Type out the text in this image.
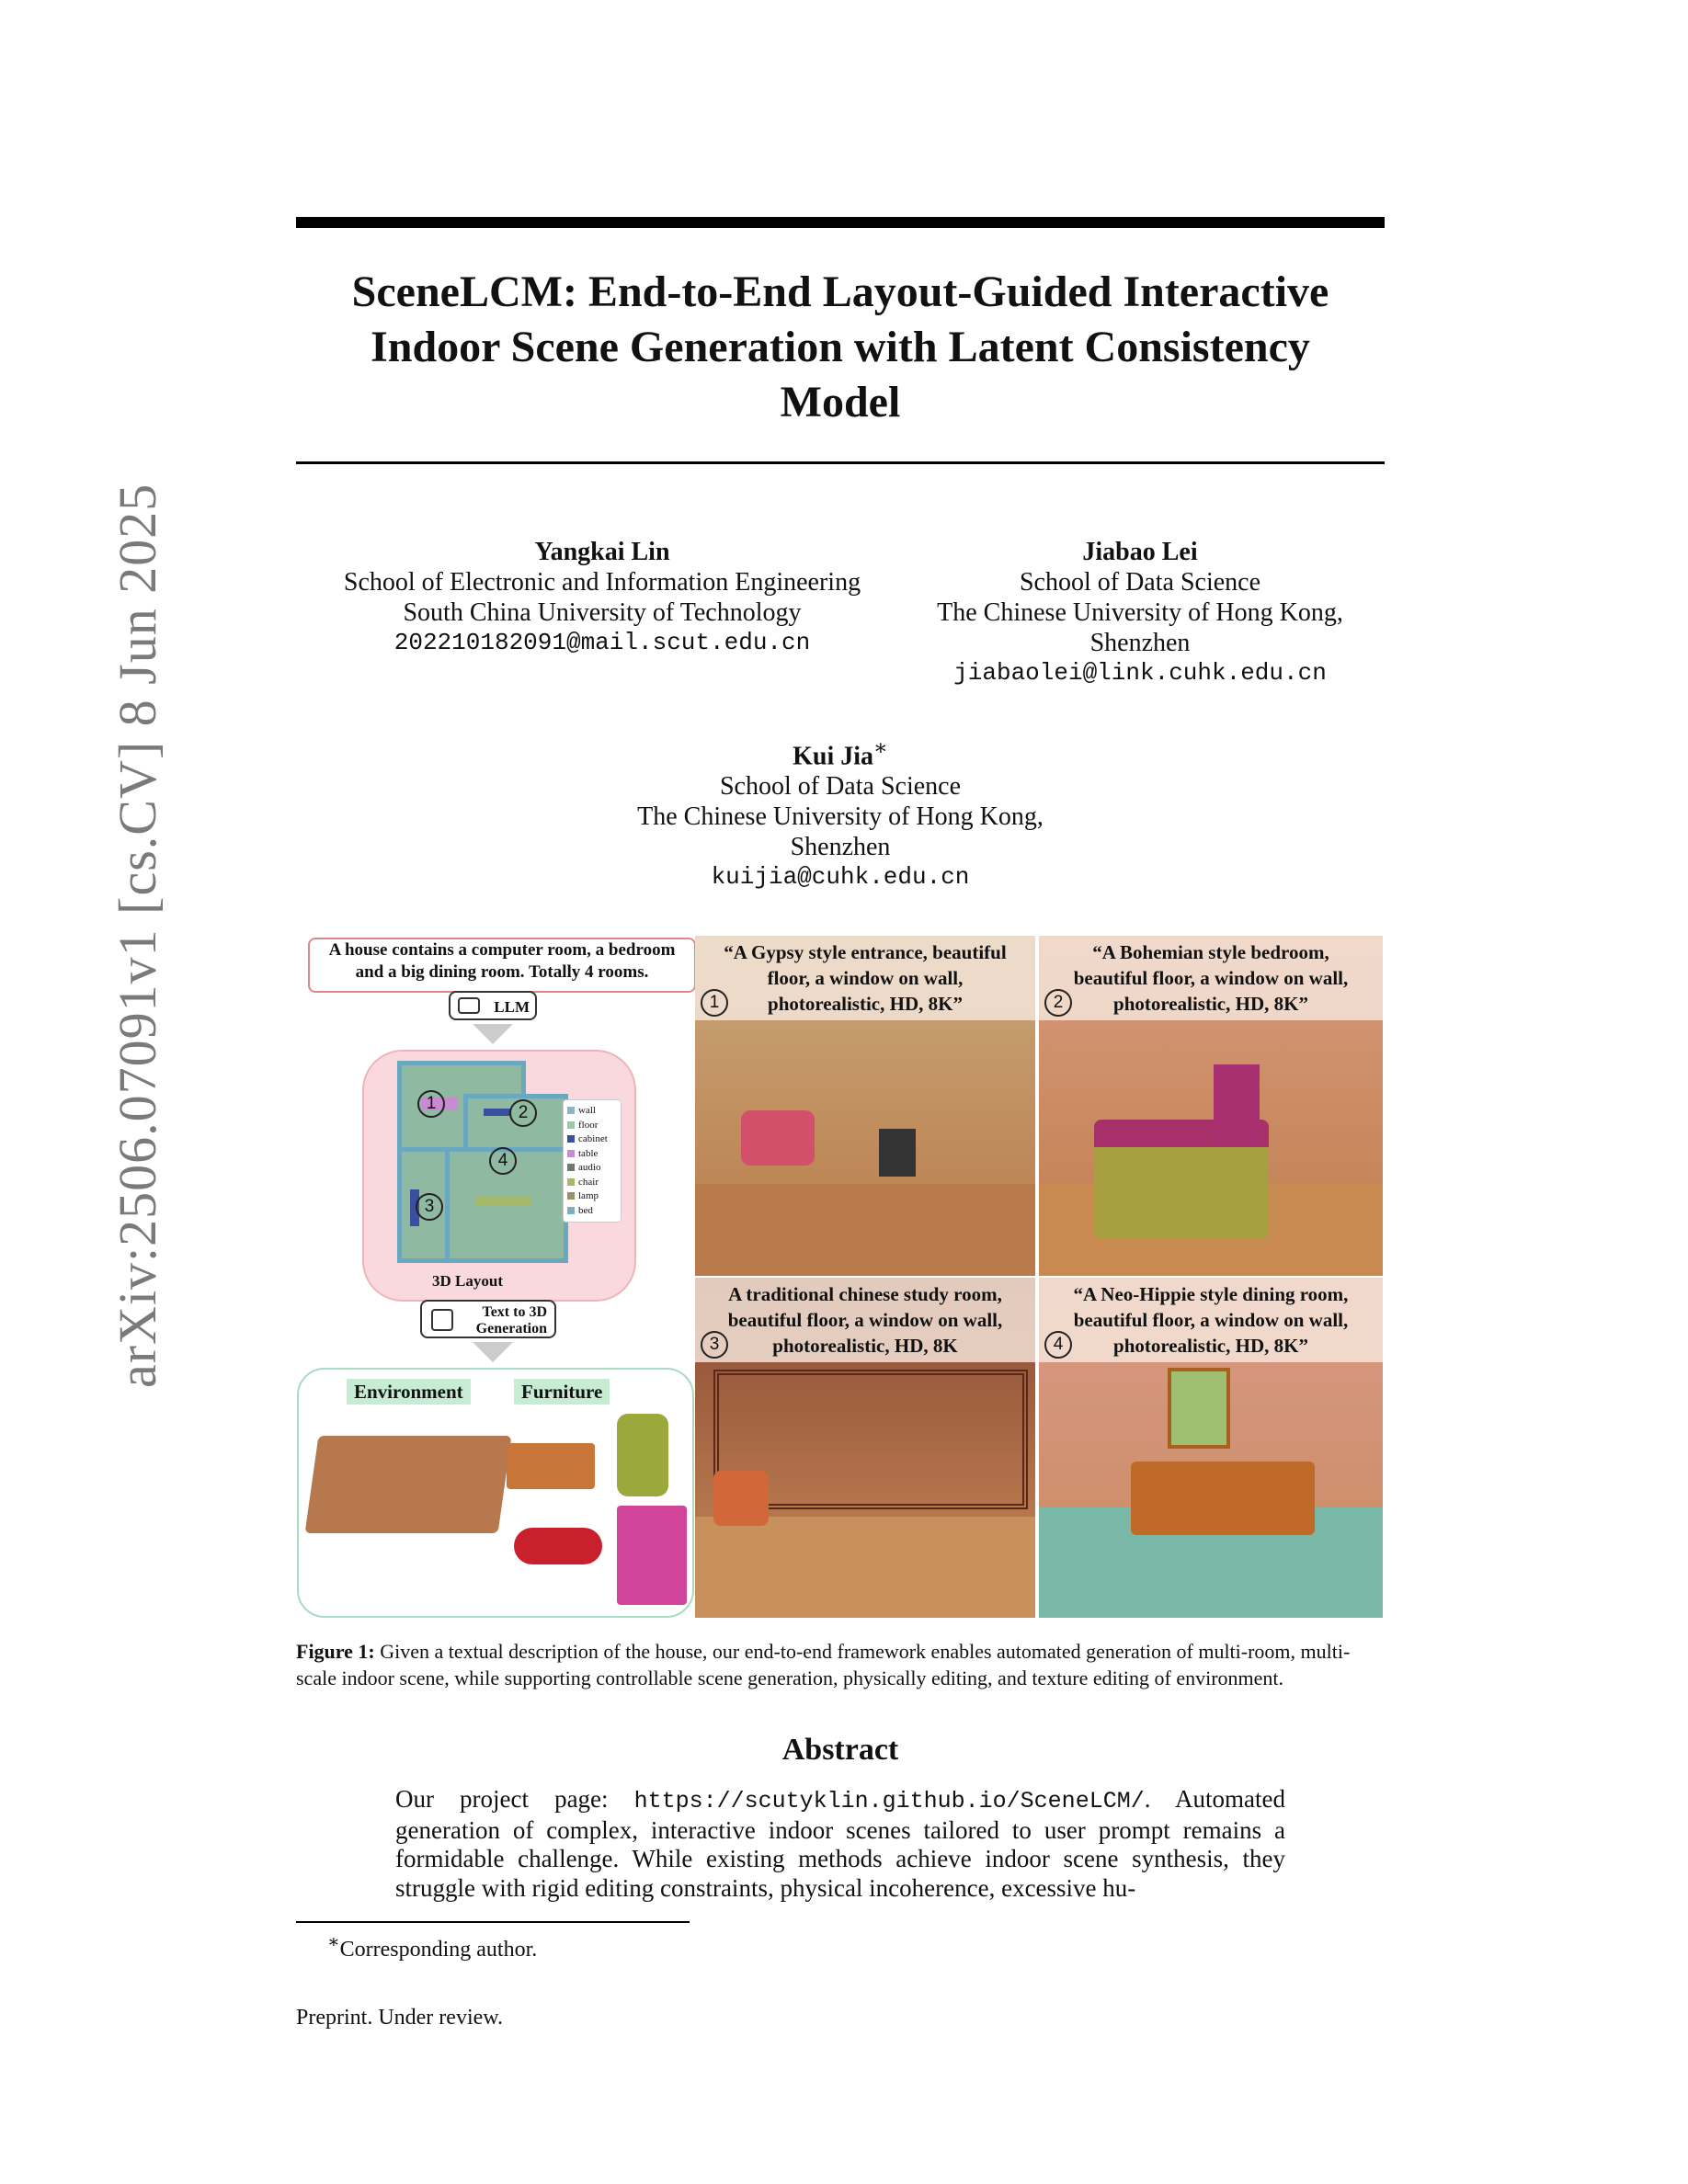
arXiv:2506.07091v1 [cs.CV] 8 Jun 2025
SceneLCM: End-to-End Layout-Guided Interactive
Indoor Scene Generation with Latent Consistency
Model
Yangkai Lin
School of Electronic and Information Engineering
South China University of Technology
202210182091@mail.scut.edu.cn
Jiabao Lei
School of Data Science
The Chinese University of Hong Kong,
Shenzhen
jiabaolei@link.cuhk.edu.cn
Kui Jia∗
School of Data Science
The Chinese University of Hong Kong,
Shenzhen
kuijia@cuhk.edu.cn
A house contains a computer room, a bedroom
and a big dining room. Totally 4 rooms.
LLM
1	2
3
4
wall
floor
cabinet
table
audio
chair
lamp
bed
3D Layout
Text to 3D
Generation
Environment	Furniture
“A Gypsy style entrance, beautiful
floor, a window on wall,
photorealistic, HD, 8K”
1
“A Bohemian style bedroom,
beautiful floor, a window on wall,
photorealistic, HD, 8K”
2
A traditional chinese study room,
beautiful floor, a window on wall,
photorealistic, HD, 8K
3
“A Neo-Hippie style dining room,
beautiful floor, a window on wall,
photorealistic, HD, 8K”
4
Figure 1: Given a textual description of the house, our end-to-end framework enables automated generation of multi-room, multi-scale indoor scene, while supporting controllable scene generation, physically editing, and texture editing of environment.
Abstract
Our project page: https://scutyklin.github.io/SceneLCM/. Automated generation of complex, interactive indoor scenes tailored to user prompt remains a formidable challenge. While existing methods achieve indoor scene synthesis, they struggle with rigid editing constraints, physical incoherence, excessive hu-
∗Corresponding author.
Preprint. Under review.
